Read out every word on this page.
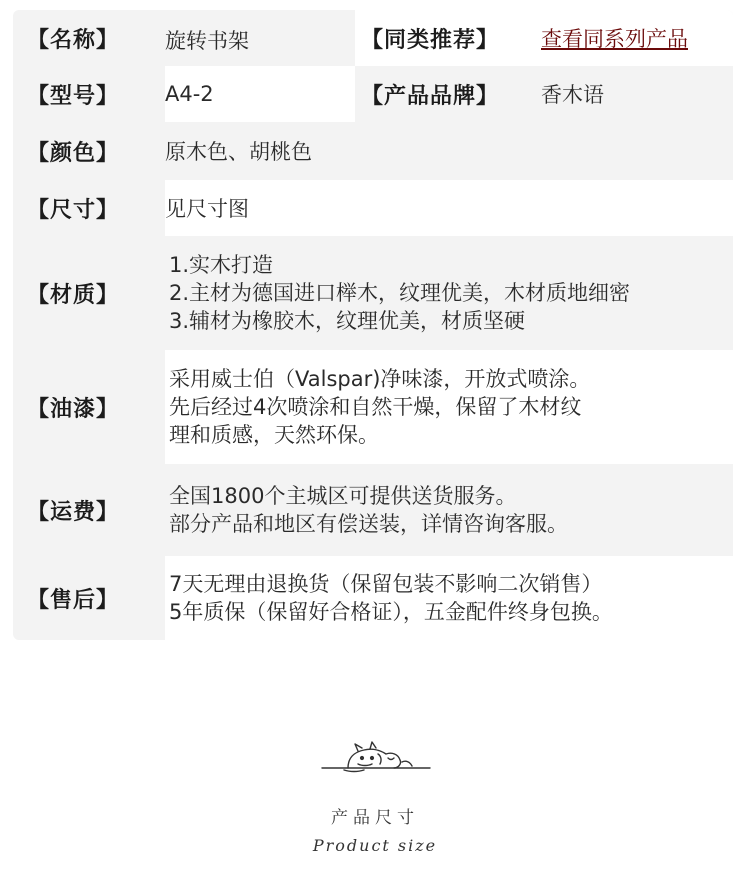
【名称】 旋转书架	【同类推荐】 查看同系列产品
【型号】 A4-2	【产品品牌】 香木语
【颜色】 原木色、胡桃色
【尺寸】 见尺寸图
【材质】
1.实木打造
2.主材为德国进口榉木，纹理优美，木材质地细密
3.辅材为橡胶木，纹理优美，材质坚硬
【油漆】
采用威士伯（Valspar)净味漆，开放式喷涂。
先后经过4次喷涂和自然干燥，保留了木材纹
理和质感，天然环保。
【运费】
全国1800个主城区可提供送货服务。
部分产品和地区有偿送装，详情咨询客服。
【售后】
7天无理由退换货（保留包装不影响二次销售）
5年质保（保留好合格证），五金配件终身包换。
产品尺寸
Product size
